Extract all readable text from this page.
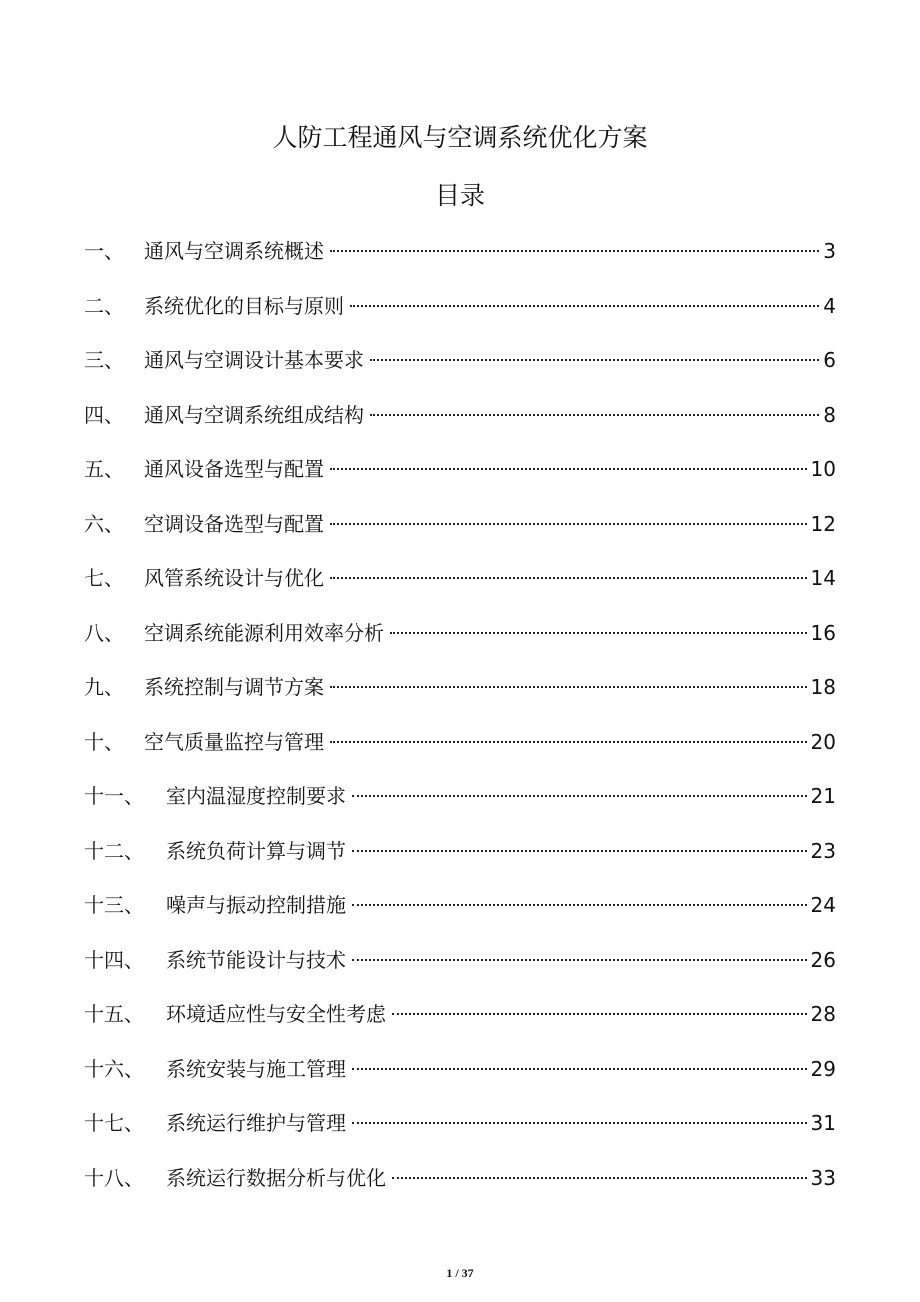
人防工程通风与空调系统优化方案
目录
一、	通风与空调系统概述	3
二、	系统优化的目标与原则	4
三、	通风与空调设计基本要求	6
四、	通风与空调系统组成结构	8
五、	通风设备选型与配置	10
六、	空调设备选型与配置	12
七、	风管系统设计与优化	14
八、	空调系统能源利用效率分析	16
九、	系统控制与调节方案	18
十、	空气质量监控与管理	20
十一、	室内温湿度控制要求	21
十二、	系统负荷计算与调节	23
十三、	噪声与振动控制措施	24
十四、	系统节能设计与技术	26
十五、	环境适应性与安全性考虑	28
十六、	系统安装与施工管理	29
十七、	系统运行维护与管理	31
十八、	系统运行数据分析与优化	33
1 / 37
